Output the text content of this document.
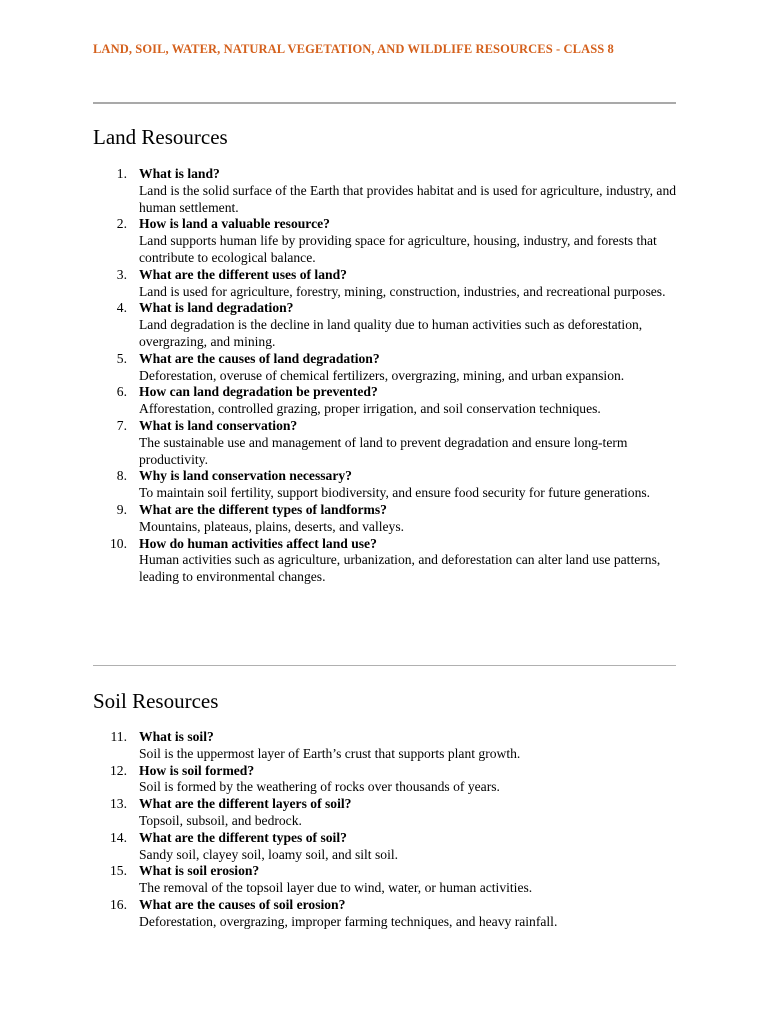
LAND, SOIL, WATER, NATURAL VEGETATION, AND WILDLIFE RESOURCES - CLASS 8
Land Resources
1. What is land?
Land is the solid surface of the Earth that provides habitat and is used for agriculture, industry, and human settlement.
2. How is land a valuable resource?
Land supports human life by providing space for agriculture, housing, industry, and forests that contribute to ecological balance.
3. What are the different uses of land?
Land is used for agriculture, forestry, mining, construction, industries, and recreational purposes.
4. What is land degradation?
Land degradation is the decline in land quality due to human activities such as deforestation, overgrazing, and mining.
5. What are the causes of land degradation?
Deforestation, overuse of chemical fertilizers, overgrazing, mining, and urban expansion.
6. How can land degradation be prevented?
Afforestation, controlled grazing, proper irrigation, and soil conservation techniques.
7. What is land conservation?
The sustainable use and management of land to prevent degradation and ensure long-term productivity.
8. Why is land conservation necessary?
To maintain soil fertility, support biodiversity, and ensure food security for future generations.
9. What are the different types of landforms?
Mountains, plateaus, plains, deserts, and valleys.
10. How do human activities affect land use?
Human activities such as agriculture, urbanization, and deforestation can alter land use patterns, leading to environmental changes.
Soil Resources
11. What is soil?
Soil is the uppermost layer of Earth’s crust that supports plant growth.
12. How is soil formed?
Soil is formed by the weathering of rocks over thousands of years.
13. What are the different layers of soil?
Topsoil, subsoil, and bedrock.
14. What are the different types of soil?
Sandy soil, clayey soil, loamy soil, and silt soil.
15. What is soil erosion?
The removal of the topsoil layer due to wind, water, or human activities.
16. What are the causes of soil erosion?
Deforestation, overgrazing, improper farming techniques, and heavy rainfall.
